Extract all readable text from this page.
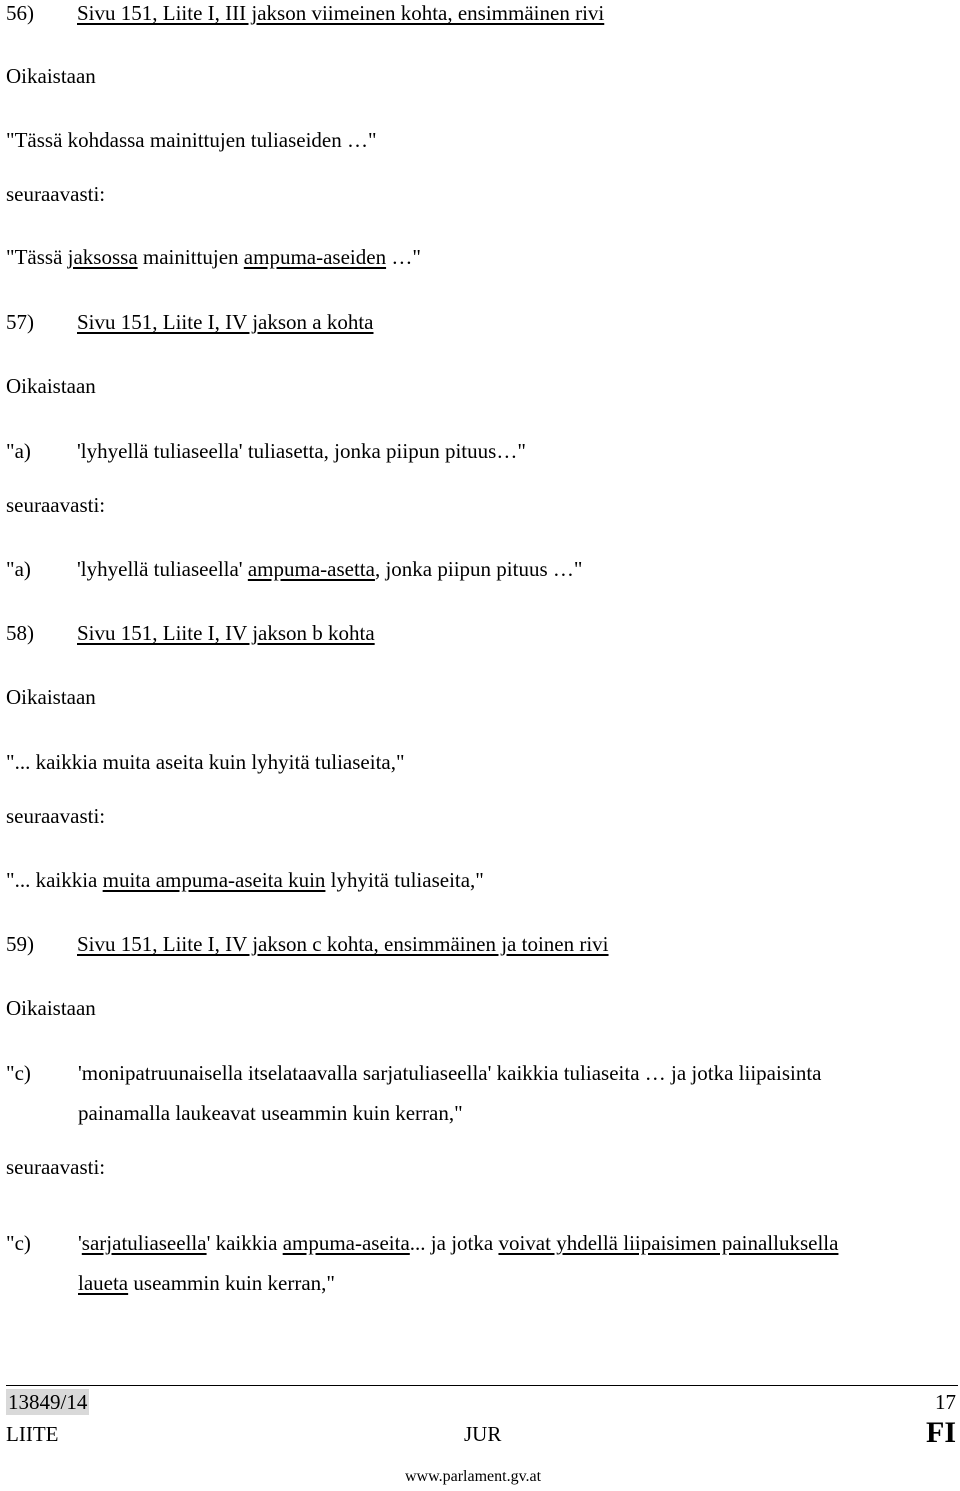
56) Sivu 151, Liite I, III jakson viimeinen kohta, ensimmäinen rivi
Oikaistaan
"Tässä kohdassa mainittujen tuliaseiden …"
seuraavasti:
"Tässä jaksossa mainittujen ampuma-aseiden …"
57) Sivu 151, Liite I, IV jakson a kohta
Oikaistaan
"a) 'lyhyellä tuliaseella' tuliasetta, jonka piipun pituus…"
seuraavasti:
"a) 'lyhyellä tuliaseella' ampuma-asetta, jonka piipun pituus …"
58) Sivu 151, Liite I, IV jakson b kohta
Oikaistaan
"... kaikkia muita aseita kuin lyhyitä tuliaseita,"
seuraavasti:
"... kaikkia muita ampuma-aseita kuin lyhyitä tuliaseita,"
59) Sivu 151, Liite I, IV jakson c kohta, ensimmäinen ja toinen rivi
Oikaistaan
"c) 'monipatruunaisella itselataavalla sarjatuliaseella' kaikkia tuliaseita … ja jotka liipaisinta
painamalla laukeavat useammin kuin kerran,"
seuraavasti:
"c) 'sarjatuliaseella' kaikkia ampuma-aseita... ja jotka voivat yhdellä liipaisimen painalluksella
laueta useammin kuin kerran,"
13849/14	17
LIITE	JUR	FI
www.parlament.gv.at
